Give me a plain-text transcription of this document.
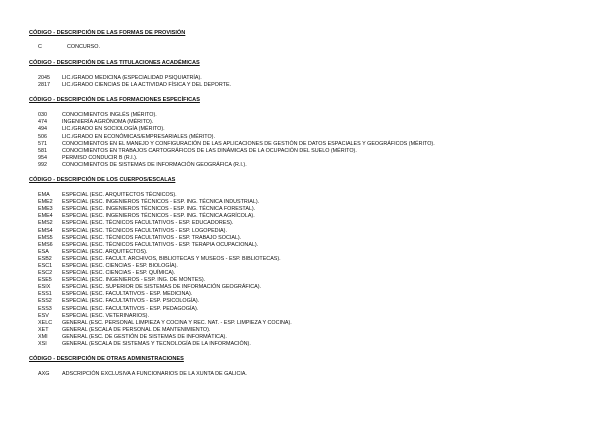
CÓDIGO - DESCRIPCIÓN DE LAS FORMAS DE PROVISIÓN

C	CONCURSO.

CÓDIGO - DESCRIPCIÓN DE LAS TITULACIONES ACADÉMICAS

2045	LIC./GRADO MEDICINA (ESPECIALIDAD PSIQUIATRÍA).
2817	LIC./GRADO CIENCIAS DE LA ACTIVIDAD FÍSICA Y DEL DEPORTE.

CÓDIGO - DESCRIPCIÓN DE LAS FORMACIONES ESPECÍFICAS

030	CONOCIMIENTOS INGLÉS (MÉRITO).
474	INGENIERÍA AGRÓNOMA (MÉRITO).
494	LIC./GRADO EN SOCIOLOGÍA (MÉRITO).
506	LIC./GRADO EN ECONÓMICAS/EMPRESARIALES (MÉRITO).
571	CONOCIMIENTOS EN EL MANEJO Y CONFIGURACIÓN DE LAS APLICACIONES DE GESTIÓN DE DATOS ESPACIALES Y GEOGRÁFICOS (MÉRITO).
581	CONOCIMIENTOS EN TRABAJOS CARTOGRÁFICOS DE LAS DINÁMICAS DE LA OCUPACIÓN DEL SUELO (MÉRITO).
954	PERMISO CONDUCIR B (R.I.).
992	CONOCIMIENTOS DE SISTEMAS DE INFORMACIÓN GEOGRÁFICA (R.I.).

CÓDIGO - DESCRIPCIÓN DE LOS CUERPOS/ESCALAS

EMA	ESPECIAL (ESC. ARQUITECTOS TÉCNICOS).
EME2	ESPECIAL (ESC. INGENIEROS TÉCNICOS - ESP. ING. TÉCNICA INDUSTRIAL).
EME3	ESPECIAL (ESC. INGENIEROS TÉCNICOS - ESP. ING. TÉCNICA FORESTAL).
EME4	ESPECIAL (ESC. INGENIEROS TÉCNICOS - ESP. ING. TÉCNICA AGRÍCOLA).
EMS2	ESPECIAL (ESC. TÉCNICOS FACULTATIVOS - ESP. EDUCADORES).
EMS4	ESPECIAL (ESC. TÉCNICOS FACULTATIVOS - ESP. LOGOPEDIA).
EMS5	ESPECIAL (ESC. TÉCNICOS FACULTATIVOS - ESP. TRABAJO SOCIAL).
EMS6	ESPECIAL (ESC. TÉCNICOS FACULTATIVOS - ESP. TERAPIA OCUPACIONAL).
ESA	ESPECIAL (ESC. ARQUITECTOS).
ESB2	ESPECIAL (ESC. FACULT. ARCHIVOS, BIBLIOTECAS Y MUSEOS - ESP. BIBLIOTECAS).
ESC1	ESPECIAL (ESC. CIENCIAS - ESP. BIOLOGÍA).
ESC2	ESPECIAL (ESC. CIENCIAS - ESP. QUÍMICA).
ESE5	ESPECIAL (ESC. INGENIEROS - ESP. ING. DE MONTES).
ESIX	ESPECIAL (ESC. SUPERIOR DE SISTEMAS DE INFORMACIÓN GEOGRÁFICA).
ESS1	ESPECIAL (ESC. FACULTATIVOS - ESP. MEDICINA).
ESS2	ESPECIAL (ESC. FACULTATIVOS - ESP. PSICOLOGÍA).
ESS3	ESPECIAL (ESC. FACULTATIVOS - ESP. PEDAGOGÍA).
ESV	ESPECIAL (ESC. VETERINARIOS).
XELC	GENERAL (ESC. PERSONAL LIMPIEZA Y COCINA Y REC. NAT. - ESP. LIMPIEZA Y COCINA).
XET	GENERAL (ESCALA DE PERSONAL DE MANTENIMIENTO).
XMI	GENERAL (ESC. DE GESTIÓN DE SISTEMAS DE INFORMÁTICA).
XSI	GENERAL (ESCALA DE SISTEMAS Y TECNOLOGÍA DE LA INFORMACIÓN).

CÓDIGO - DESCRIPCIÓN DE OTRAS ADMINISTRACIONES

AXG	ADSCRIPCIÓN EXCLUSIVA A FUNCIONARIOS DE LA XUNTA DE GALICIA.
